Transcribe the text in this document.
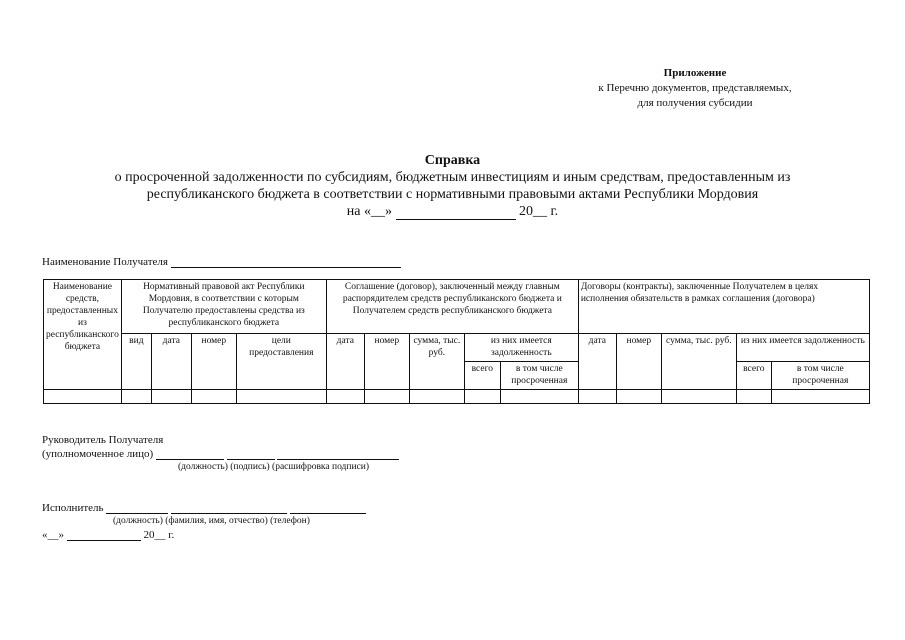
Приложение
к Перечню документов, представляемых,
для получения субсидии
Справка
о просроченной задолженности по субсидиям, бюджетным инвестициям и иным средствам, предоставленным из
республиканского бюджета в соответствии с нормативными правовыми актами Республики Мордовия
на «__»	20__ г.
Наименование Получателя
Наименование средств, предоставленных из республиканского бюджета	Нормативный правовой акт Республики Мордовия, в соответствии с которым Получателю предоставлены средства из республиканского бюджета				Соглашение (договор), заключенный между главным распорядителем средств республиканского бюджета и Получателем средств республиканского бюджета					Договоры (контракты), заключенные Получателем в целях исполнения обязательств в рамках соглашения (договора)				
	вид	дата	номер	цели предоставления	дата	номер	сумма, тыс. руб.	из них имеется задолженность		дата	номер	сумма, тыс. руб.	из них имеется задолженность	
								всего	в том числе просроченная				всего	в том числе просроченная

Руководитель Получателя
(уполномоченное лицо)
(должность) (подпись) (расшифровка подписи)
Исполнитель
(должность) (фамилия, имя, отчество) (телефон)
«__»	20__ г.
